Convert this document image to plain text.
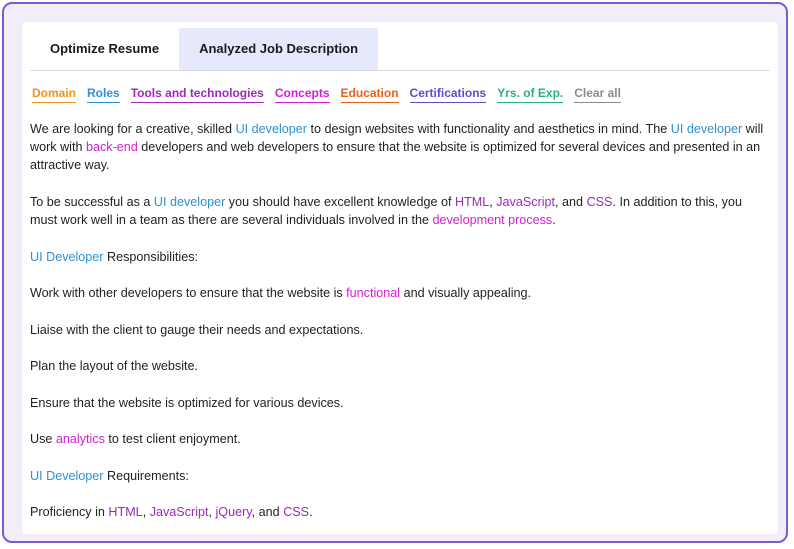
Optimize Resume	Analyzed Job Description
Domain Roles Tools and technologies Concepts Education Certifications Yrs. of Exp. Clear all

We are looking for a creative, skilled UI developer to design websites with functionality and aesthetics in mind. The UI developer will work with back-end developers and web developers to ensure that the website is optimized for several devices and presented in an attractive way.

To be successful as a UI developer you should have excellent knowledge of HTML, JavaScript, and CSS. In addition to this, you must work well in a team as there are several individuals involved in the development process.

UI Developer Responsibilities:

Work with other developers to ensure that the website is functional and visually appealing.

Liaise with the client to gauge their needs and expectations.

Plan the layout of the website.

Ensure that the website is optimized for various devices.

Use analytics to test client enjoyment.

UI Developer Requirements:

Proficiency in HTML, JavaScript, jQuery, and CSS.
